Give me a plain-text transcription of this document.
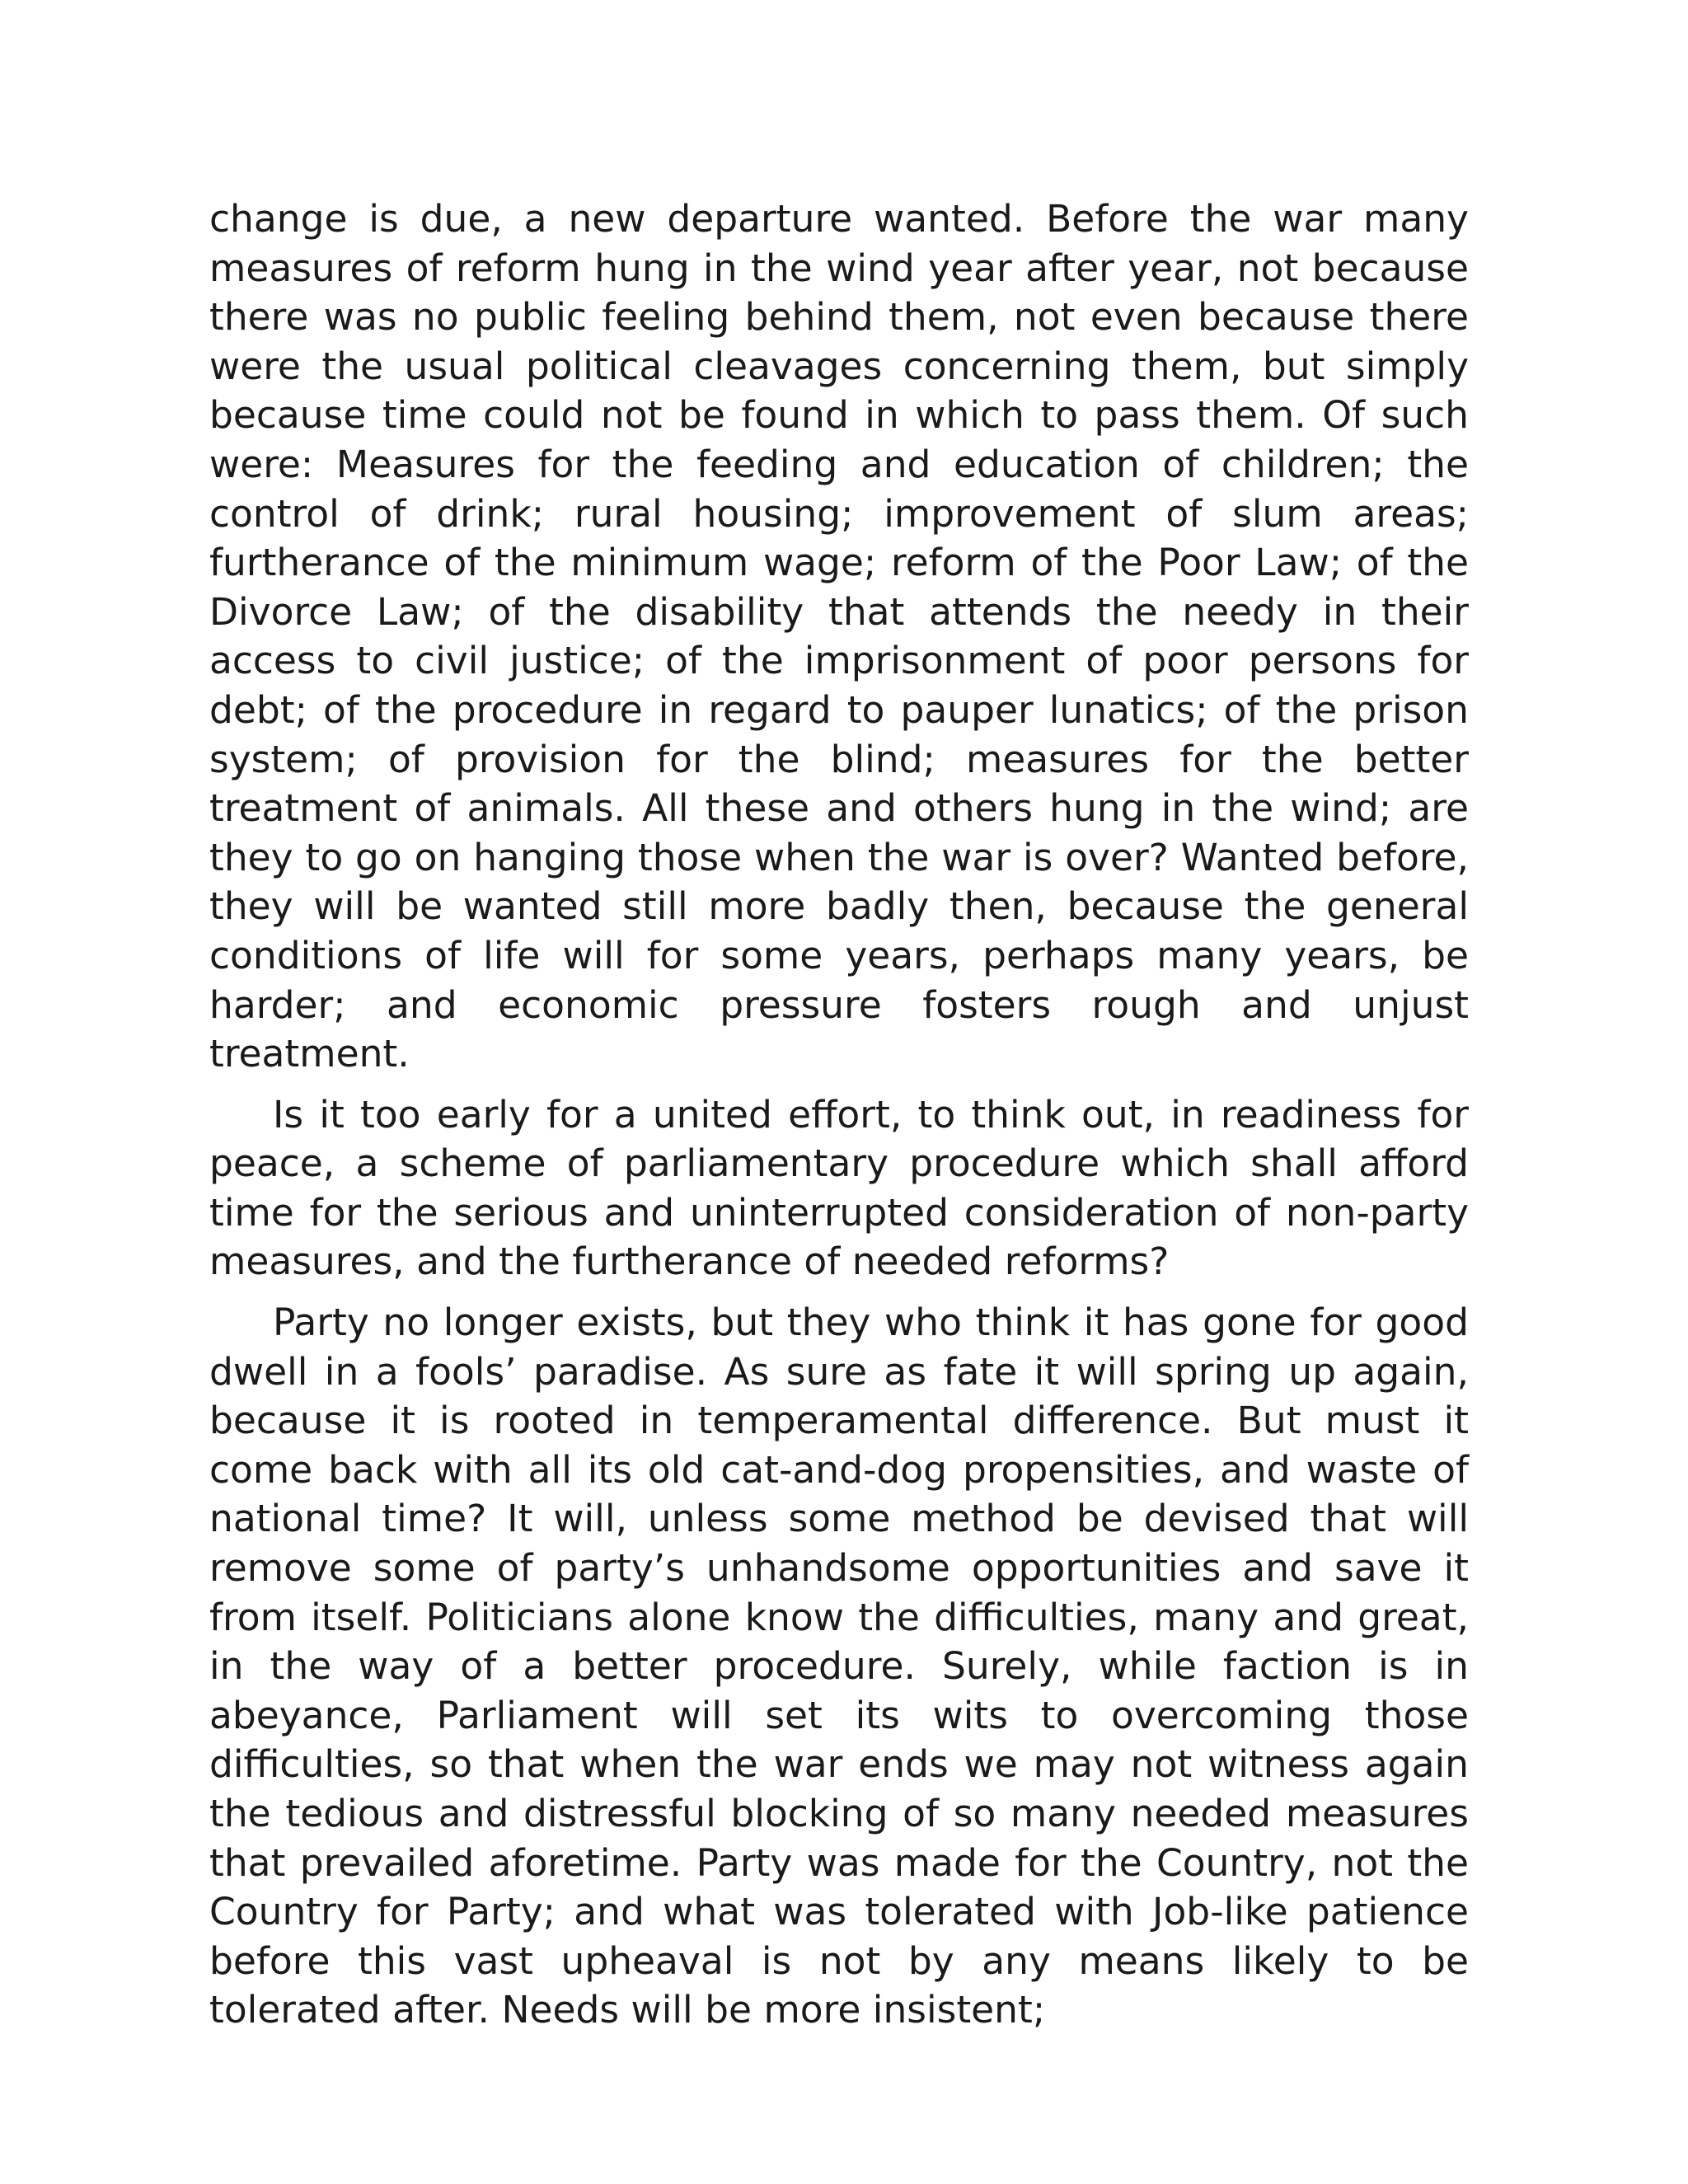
change is due, a new departure wanted. Before the war many measures of reform hung in the wind year after year, not because there was no public feeling behind them, not even because there were the usual political cleavages concerning them, but simply because time could not be found in which to pass them. Of such were: Measures for the feeding and education of children; the control of drink; rural housing; improvement of slum areas; furtherance of the minimum wage; reform of the Poor Law; of the Divorce Law; of the disability that attends the needy in their access to civil justice; of the imprisonment of poor persons for debt; of the procedure in regard to pauper lunatics; of the prison system; of provision for the blind; measures for the better treatment of animals. All these and others hung in the wind; are they to go on hanging those when the war is over? Wanted before, they will be wanted still more badly then, because the general conditions of life will for some years, perhaps many years, be harder; and economic pressure fosters rough and unjust treatment.

Is it too early for a united effort, to think out, in readiness for peace, a scheme of parliamentary procedure which shall afford time for the serious and uninterrupted consideration of non-party measures, and the furtherance of needed reforms?

Party no longer exists, but they who think it has gone for good dwell in a fools’ paradise. As sure as fate it will spring up again, because it is rooted in temperamental difference. But must it come back with all its old cat-and-dog propensities, and waste of national time? It will, unless some method be devised that will remove some of party’s unhandsome opportunities and save it from itself. Politicians alone know the difficulties, many and great, in the way of a better procedure. Surely, while faction is in abeyance, Parliament will set its wits to overcoming those difficulties, so that when the war ends we may not witness again the tedious and distressful blocking of so many needed measures that prevailed aforetime. Party was made for the Country, not the Country for Party; and what was tolerated with Job-like patience before this vast upheaval is not by any means likely to be tolerated after. Needs will be more insistent;
